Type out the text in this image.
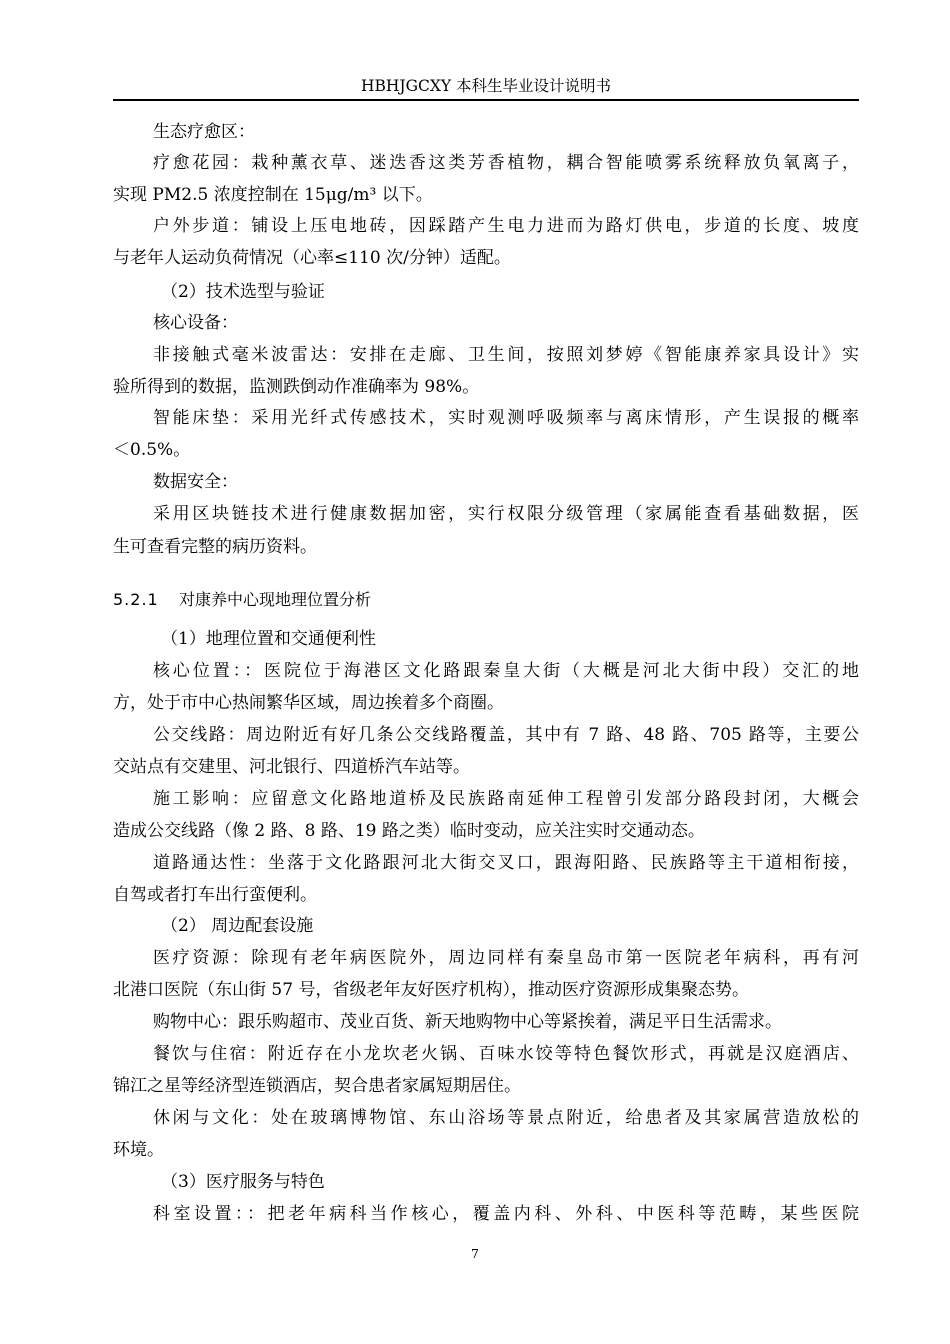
HBHJGCXY 本科生毕业设计说明书
生态疗愈区：
疗愈花园：栽种薰衣草、迷迭香这类芳香植物，耦合智能喷雾系统释放负氧离子，
实现 PM2.5 浓度控制在 15μg/m³ 以下。
户外步道：铺设上压电地砖，因踩踏产生电力进而为路灯供电，步道的长度、坡度
与老年人运动负荷情况（心率≤110 次/分钟）适配。
（2）技术选型与验证
核心设备：
非接触式毫米波雷达：安排在走廊、卫生间，按照刘梦婷《智能康养家具设计》实
验所得到的数据，监测跌倒动作准确率为 98%。
智能床垫：采用光纤式传感技术，实时观测呼吸频率与离床情形，产生误报的概率
＜0.5%。
数据安全：
采用区块链技术进行健康数据加密，实行权限分级管理（家属能查看基础数据，医
生可查看完整的病历资料。
5.2.1 对康养中心现地理位置分析
（1）地理位置和交通便利性
核心位置：：医院位于海港区文化路跟秦皇大街（大概是河北大街中段）交汇的地
方，处于市中心热闹繁华区域，周边挨着多个商圈。
公交线路：周边附近有好几条公交线路覆盖，其中有 7 路、48 路、705 路等，主要公
交站点有交建里、河北银行、四道桥汽车站等。
施工影响：应留意文化路地道桥及民族路南延伸工程曾引发部分路段封闭，大概会
造成公交线路（像 2 路、8 路、19 路之类）临时变动，应关注实时交通动态。
道路通达性：坐落于文化路跟河北大街交叉口，跟海阳路、民族路等主干道相衔接，
自驾或者打车出行蛮便利。
（2） 周边配套设施
医疗资源：除现有老年病医院外，周边同样有秦皇岛市第一医院老年病科，再有河
北港口医院（东山街 57 号，省级老年友好医疗机构），推动医疗资源形成集聚态势。
购物中心：跟乐购超市、茂业百货、新天地购物中心等紧挨着，满足平日生活需求。
餐饮与住宿：附近存在小龙坎老火锅、百味水饺等特色餐饮形式，再就是汉庭酒店、
锦江之星等经济型连锁酒店，契合患者家属短期居住。
休闲与文化：处在玻璃博物馆、东山浴场等景点附近，给患者及其家属营造放松的
环境。
（3）医疗服务与特色
科室设置：：把老年病科当作核心，覆盖内科、外科、中医科等范畴，某些医院
7
